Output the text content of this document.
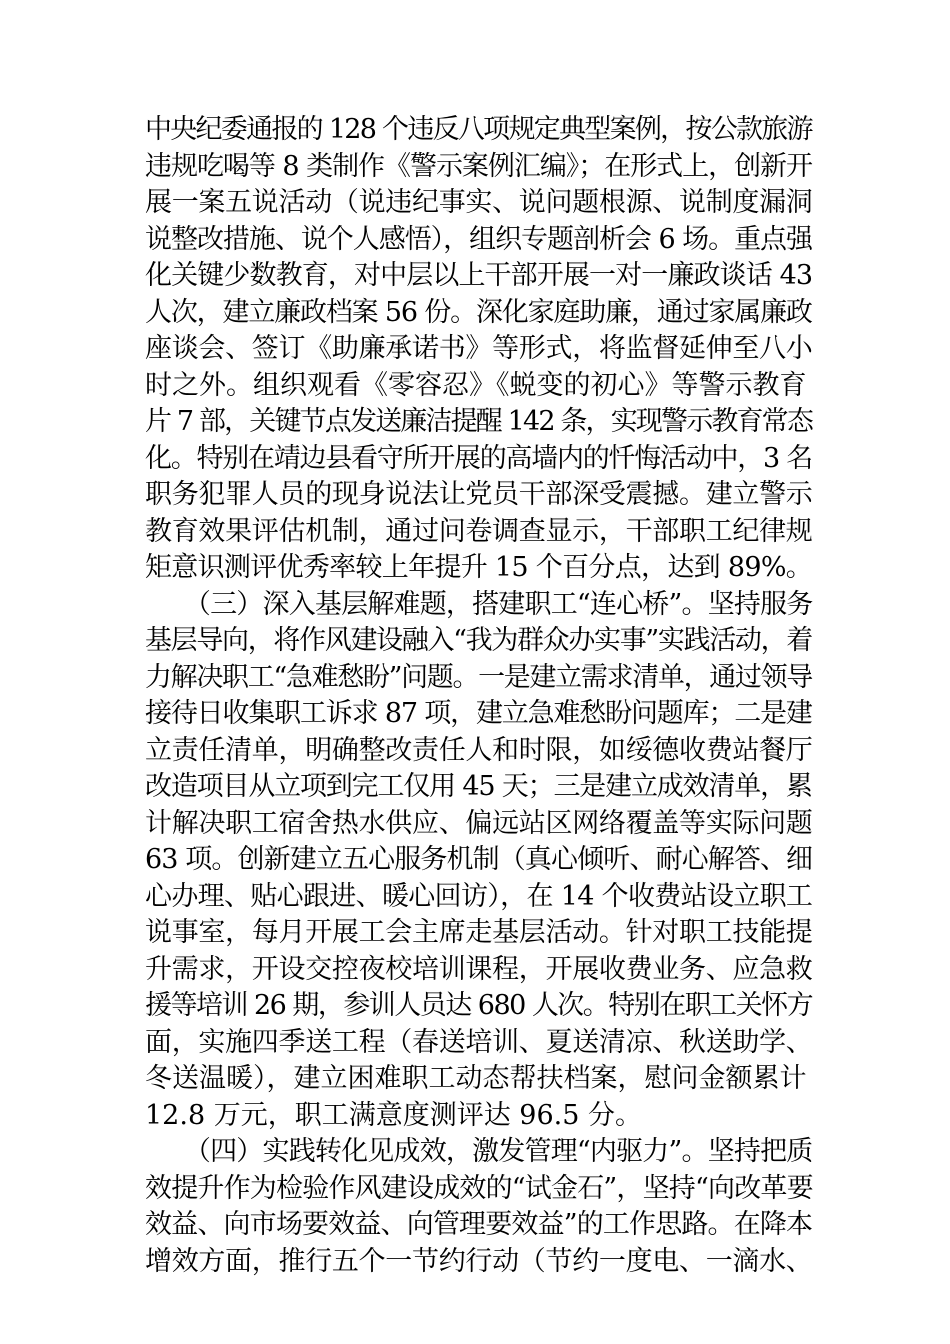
中央纪委通报的 128 个违反八项规定典型案例，按公款旅游
违规吃喝等 8 类制作《警示案例汇编》；在形式上，创新开
展一案五说活动（说违纪事实、说问题根源、说制度漏洞
说整改措施、说个人感悟），组织专题剖析会 6 场。重点强
化关键少数教育，对中层以上干部开展一对一廉政谈话 43
人次，建立廉政档案 56 份。深化家庭助廉，通过家属廉政
座谈会、签订《助廉承诺书》等形式，将监督延伸至八小
时之外。组织观看《零容忍》《蜕变的初心》等警示教育
片 7 部，关键节点发送廉洁提醒 142 条，实现警示教育常态
化。特别在靖边县看守所开展的高墙内的忏悔活动中，3 名
职务犯罪人员的现身说法让党员干部深受震撼。建立警示
教育效果评估机制，通过问卷调查显示，干部职工纪律规
矩意识测评优秀率较上年提升 15 个百分点，达到 89%。
　　（三）深入基层解难题，搭建职工“连心桥”。坚持服务
基层导向，将作风建设融入“我为群众办实事”实践活动，着
力解决职工“急难愁盼”问题。一是建立需求清单，通过领导
接待日收集职工诉求 87 项，建立急难愁盼问题库；二是建
立责任清单，明确整改责任人和时限，如绥德收费站餐厅
改造项目从立项到完工仅用 45 天；三是建立成效清单，累
计解决职工宿舍热水供应、偏远站区网络覆盖等实际问题
63 项。创新建立五心服务机制（真心倾听、耐心解答、细
心办理、贴心跟进、暖心回访），在 14 个收费站设立职工
说事室，每月开展工会主席走基层活动。针对职工技能提
升需求，开设交控夜校培训课程，开展收费业务、应急救
援等培训 26 期，参训人员达 680 人次。特别在职工关怀方
面，实施四季送工程（春送培训、夏送清凉、秋送助学、
冬送温暖），建立困难职工动态帮扶档案，慰问金额累计
12.8 万元，职工满意度测评达 96.5 分。
　　（四）实践转化见成效，激发管理“内驱力”。坚持把质
效提升作为检验作风建设成效的“试金石”，坚持“向改革要
效益、向市场要效益、向管理要效益”的工作思路。在降本
增效方面，推行五个一节约行动（节约一度电、一滴水、
